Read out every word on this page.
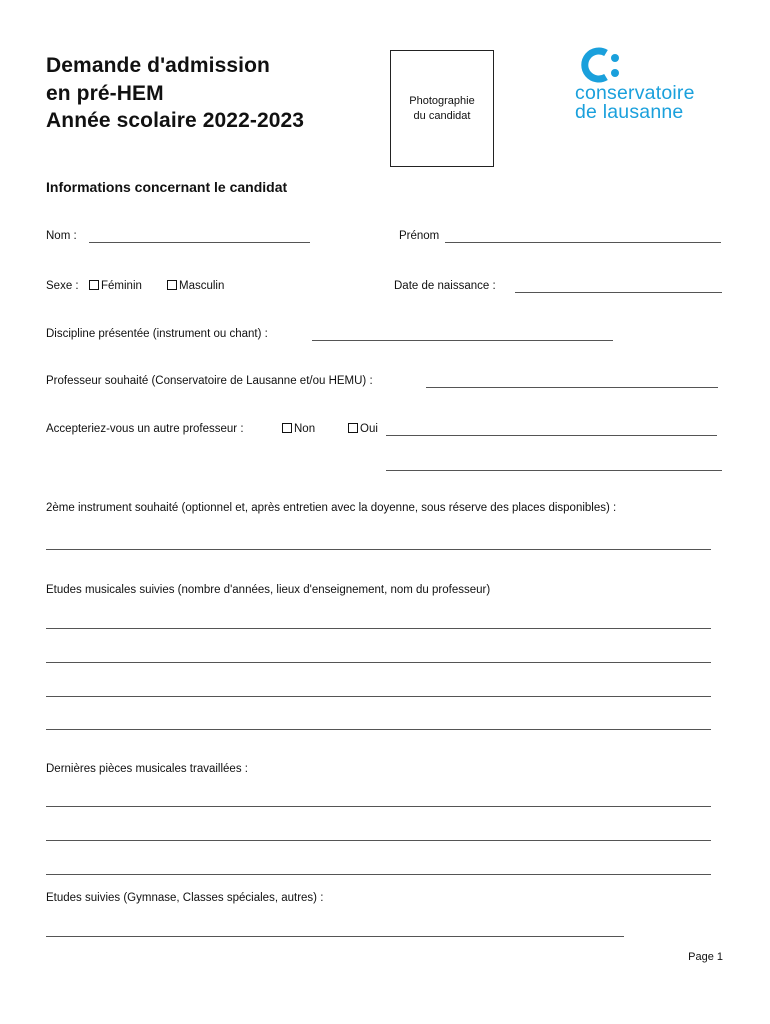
Demande d'admission
en pré-HEM
Année scolaire 2022-2023
Photographie
du candidat
conservatoire
de lausanne
Informations concernant le candidat
Nom :	Prénom
Sexe :	Féminin	Masculin	Date de naissance :
Discipline présentée (instrument ou chant) :
Professeur souhaité (Conservatoire de Lausanne et/ou HEMU) :
Accepteriez-vous un autre professeur :	Non	Oui
2ème instrument souhaité (optionnel et, après entretien avec la doyenne, sous réserve des places disponibles) :
Etudes musicales suivies (nombre d'années, lieux d'enseignement, nom du professeur)
Dernières pièces musicales travaillées :
Etudes suivies (Gymnase, Classes spéciales, autres) :
Page 1
